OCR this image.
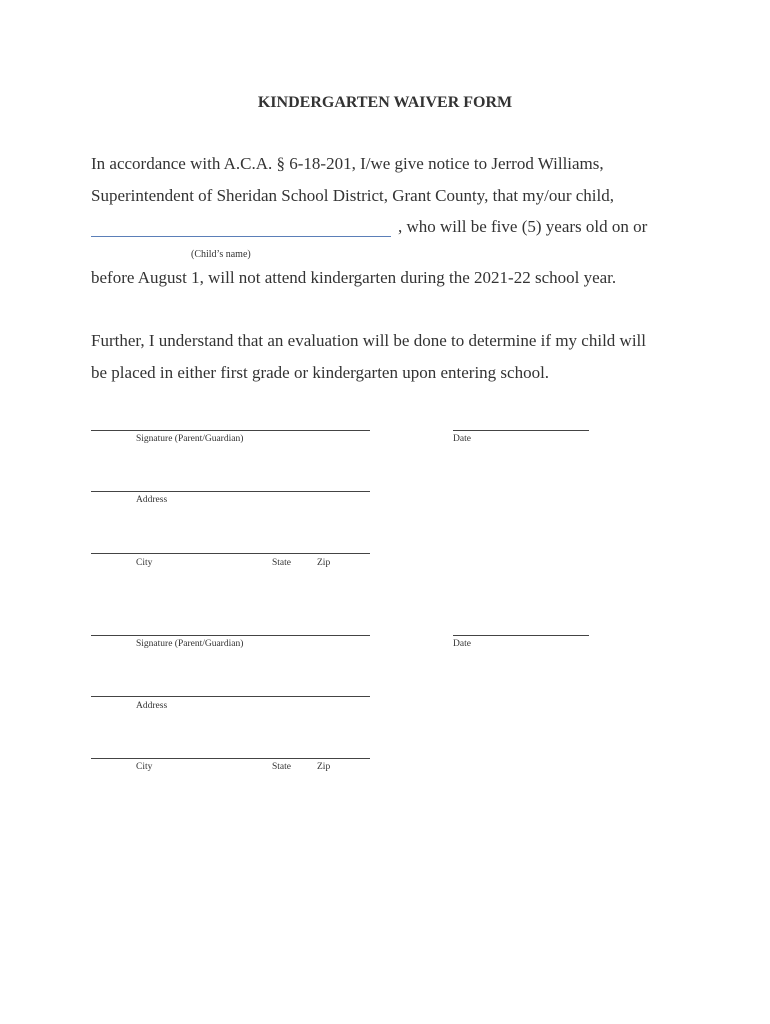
KINDERGARTEN WAIVER FORM
In accordance with A.C.A. § 6-18-201, I/we give notice to Jerrod Williams,
Superintendent of Sheridan School District, Grant County, that my/our child,
, who will be five (5) years old on or
(Child’s name)
before August 1, will not attend kindergarten during the 2021-22 school year.
Further, I understand that an evaluation will be done to determine if my child will
be placed in either first grade or kindergarten upon entering school.
Signature (Parent/Guardian)	Date
Address
City	State	Zip
Signature (Parent/Guardian)	Date
Address
City	State	Zip
